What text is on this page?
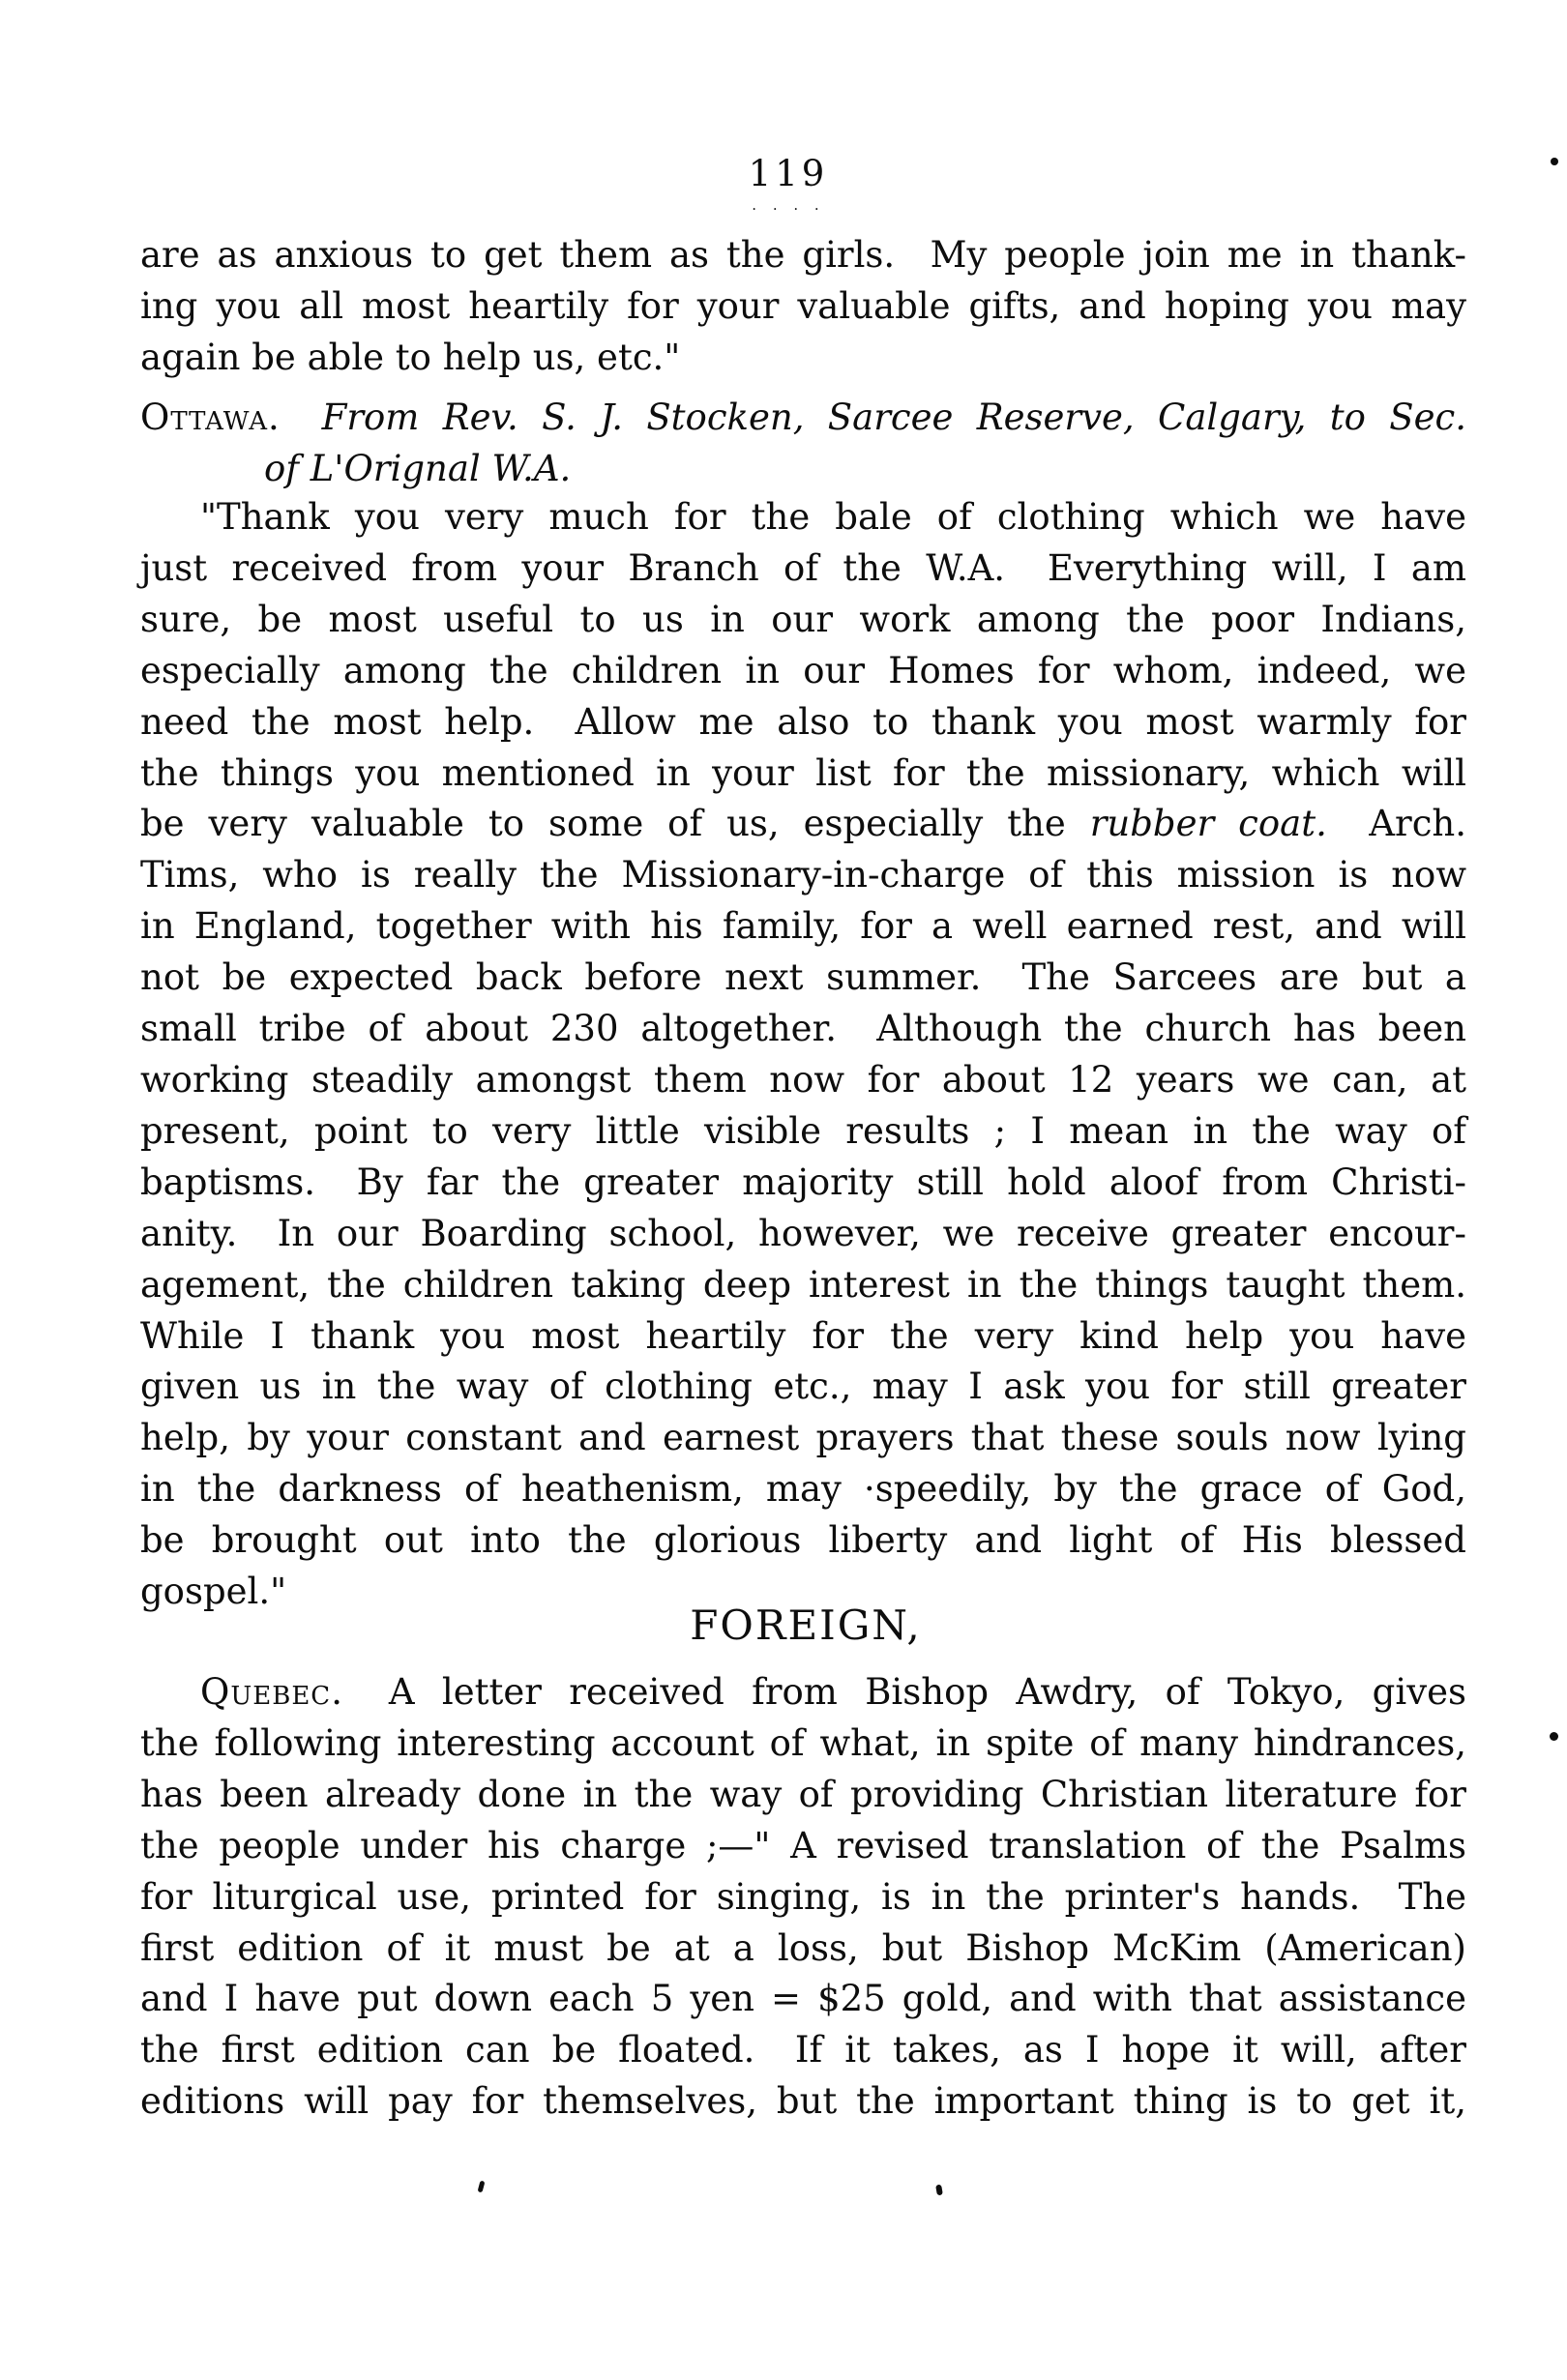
119
. . . .
are as anxious to get them as the girls.  My people join me in thank-
ing you all most heartily for your valuable gifts, and hoping you may
again be able to help us, etc."
Ottawa.   From Rev. S. J. Stocken, Sarcee Reserve, Calgary, to Sec.
of L'Orignal W.A.
"Thank you very much for the bale of clothing which we have
just received from your Branch of the W.A.  Everything will, I am
sure, be most useful to us in our work among the poor Indians,
especially among the children in our Homes for whom, indeed, we
need the most help.  Allow me also to thank you most warmly for
the things you mentioned in your list for the missionary, which will
be very valuable to some of us, especially the rubber coat.  Arch.
Tims, who is really the Missionary-in-charge of this mission is now
in England, together with his family, for a well earned rest, and will
not be expected back before next summer.  The Sarcees are but a
small tribe of about 230 altogether.  Although the church has been
working steadily amongst them now for about 12 years we can, at
present, point to very little visible results ; I mean in the way of
baptisms.  By far the greater majority still hold aloof from Christi-
anity.  In our Boarding school, however, we receive greater encour-
agement, the children taking deep interest in the things taught them.
While I thank you most heartily for the very kind help you have
given us in the way of clothing etc., may I ask you for still greater
help, by your constant and earnest prayers that these souls now lying
in the darkness of heathenism, may ·speedily, by the grace of God,
be brought out into the glorious liberty and light of His blessed
gospel."
FOREIGN,
Quebec.  A letter received from Bishop Awdry, of Tokyo, gives
the following interesting account of what, in spite of many hindrances,
has been already done in the way of providing Christian literature for
the people under his charge ;—" A revised translation of the Psalms
for liturgical use, printed for singing, is in the printer's hands.  The
first edition of it must be at a loss, but Bishop McKim (American)
and I have put down each 5 yen = $25 gold, and with that assistance
the first edition can be floated.  If it takes, as I hope it will, after
editions will pay for themselves, but the important thing is to get it,
